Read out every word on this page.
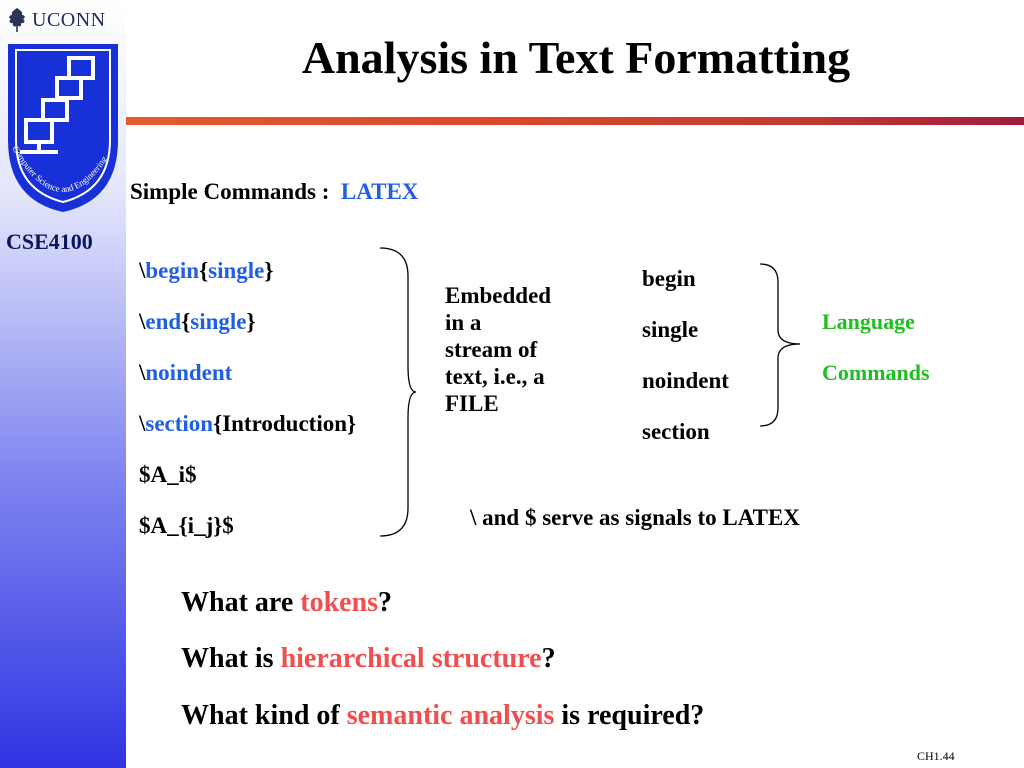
UCONN
Computer Science and Engineering
CSE4100
Analysis in Text Formatting
Simple Commands : LATEX
\begin{single}
\end{single}
\noindent
\section{Introduction}
$A_i$
$A_{i_j}$
Embedded
in a
stream of
text, i.e., a
FILE
begin
single
noindent
section
Language
Commands
\ and $ serve as signals to LATEX
What are tokens?
What is hierarchical structure?
What kind of semantic analysis is required?
CH1.44
